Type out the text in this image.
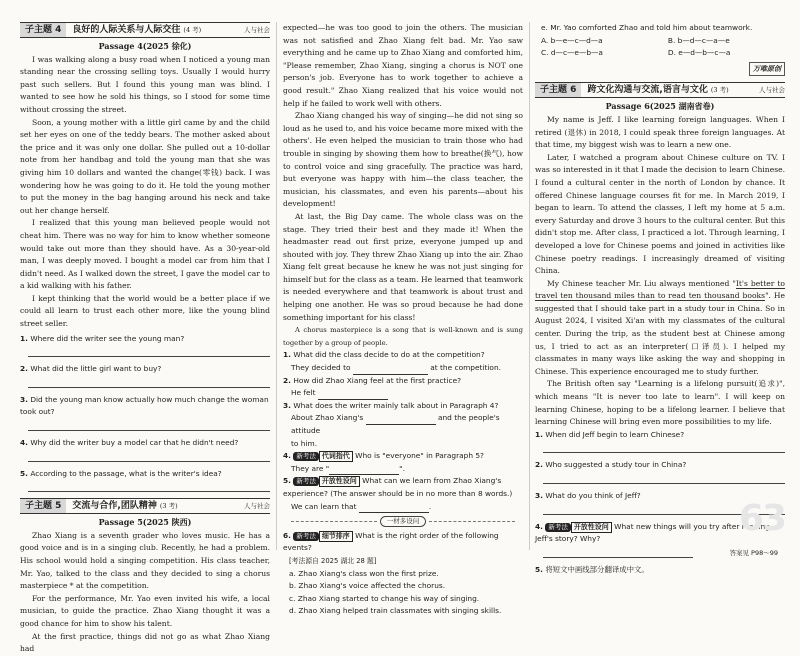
子主题 4	良好的人际关系与人际交往 (4 考)	人与社会
Passage 4(2025 徐化)

I was walking along a busy road when I noticed a young man standing near the crossing selling toys. Usually I would hurry past such sellers. But I found this young man was blind. I wanted to see how he sold his things, so I stood for some time without crossing the street.

Soon, a young mother with a little girl came by and the child set her eyes on one of the teddy bears. The mother asked about the price and it was only one dollar. She pulled out a 10-dollar note from her handbag and told the young man that she was giving him 10 dollars and wanted the change(零钱) back. I was wondering how he was going to do it. He told the young mother to put the money in the bag hanging around his neck and take out her change herself.

I realized that this young man believed people would not cheat him. There was no way for him to know whether someone would take out more than they should have. As a 30-year-old man, I was deeply moved. I bought a model car from him that I didn't need. As I walked down the street, I gave the model car to a kid walking with his father.

I kept thinking that the world would be a better place if we could all learn to trust each other more, like the young blind street seller.

1. Where did the writer see the young man?
2. What did the little girl want to buy?
3. Did the young man know actually how much change the woman took out?
4. Why did the writer buy a model car that he didn't need?
5. According to the passage, what is the writer's idea?
子主题 5	交流与合作,团队精神 (3 考)	人与社会
Passage 5(2025 陕西)

Zhao Xiang is a seventh grader who loves music. He has a good voice and is in a singing club. Recently, he had a problem. His school would hold a singing competition. His class teacher, Mr. Yao, talked to the class and they decided to sing a chorus masterpiece * at the competition.

For the performance, Mr. Yao even invited his wife, a local musician, to guide the practice. Zhao Xiang thought it was a good chance for him to show his talent.

At the first practice, things did not go as what Zhao Xiang had

expected—he was too good to join the others. The musician was not satisfied and Zhao Xiang felt bad. Mr. Yao saw everything and he came up to Zhao Xiang and comforted him, "Please remember, Zhao Xiang, singing a chorus is NOT one person's job. Everyone has to work together to achieve a good result." Zhao Xiang realized that his voice would not help if he failed to work well with others.

Zhao Xiang changed his way of singing—he did not sing so loud as he used to, and his voice became more mixed with the others'. He even helped the musician to train those who had trouble in singing by showing them how to breathe(换气), how to control voice and sing gracefully. The practice was hard, but everyone was happy with him—the class teacher, the musician, his classmates, and even his parents—about his development!

At last, the Big Day came. The whole class was on the stage. They tried their best and they made it! When the headmaster read out first prize, everyone jumped up and shouted with joy. They threw Zhao Xiang up into the air. Zhao Xiang felt great because he knew he was not just singing for himself but for the class as a team. He learned that teamwork is needed everywhere and that teamwork is about trust and helping one another. He was so proud because he had done something important for his class!

A chorus masterpiece is a song that is well-known and is sung together by a group of people.

1. What did the class decide to do at the competition?
They decided to	at the competition.
2. How did Zhao Xiang feel at the first practice?
He felt
3. What does the writer mainly talk about in Paragraph 4?
About Zhao Xiang's	and the people's attitude
to him.
4. 新考法 代词指代 Who is "everyone" in Paragraph 5?
They are "	".
5. 新考法 开放性设问 What can we learn from Zhao Xiang's experience? (The answer should be in no more than 8 words.)
We can learn that	.
一材多设问
6. 新考法 细节排序 What is the right order of the following events?
[考法源自 2025 湖北 28 题]
a. Zhao Xiang's class won the first prize.
b. Zhao Xiang's voice affected the chorus.
c. Zhao Xiang started to change his way of singing.
d. Zhao Xiang helped train classmates with singing skills.
e. Mr. Yao comforted Zhao and told him about teamwork.
A. b—e—c—d—a	B. b—d—c—a—e
C. d—c—e—b—a	D. e—d—b—c—a
万唯原创
子主题 6	跨文化沟通与交流,语言与文化 (3 考)	人与社会
Passage 6(2025 湖南省卷)

My name is Jeff. I like learning foreign languages. When I retired (退休) in 2018, I could speak three foreign languages. At that time, my biggest wish was to learn a new one.

Later, I watched a program about Chinese culture on TV. I was so interested in it that I made the decision to learn Chinese. I found a cultural center in the north of London by chance. It offered Chinese language courses fit for me. In March 2019, I began to learn. To attend the classes, I left my home at 5 a.m. every Saturday and drove 3 hours to the cultural center. But this didn't stop me. After class, I practiced a lot. Through learning, I developed a love for Chinese poems and joined in activities like Chinese poetry readings. I increasingly dreamed of visiting China.

My Chinese teacher Mr. Liu always mentioned "It's better to travel ten thousand miles than to read ten thousand books". He suggested that I should take part in a study tour in China. So in August 2024, I visited Xi'an with my classmates of the cultural center. During the trip, as the student best at Chinese among us, I tried to act as an interpreter(口译员). I helped my classmates in many ways like asking the way and shopping in Chinese. This experience encouraged me to study further.

The British often say "Learning is a lifelong pursuit(追求)", which means "It is never too late to learn". I will keep on learning Chinese, hoping to be a lifelong learner. I believe that learning Chinese will bring even more possibilities to my life.

1. When did Jeff begin to learn Chinese?
2. Who suggested a study tour in China?
3. What do you think of Jeff?
4. 新考法 开放性设问 What new things will you try after reading Jeff's story? Why?
5. 将短文中画线部分翻译成中文。
63
答案见 P98～99
